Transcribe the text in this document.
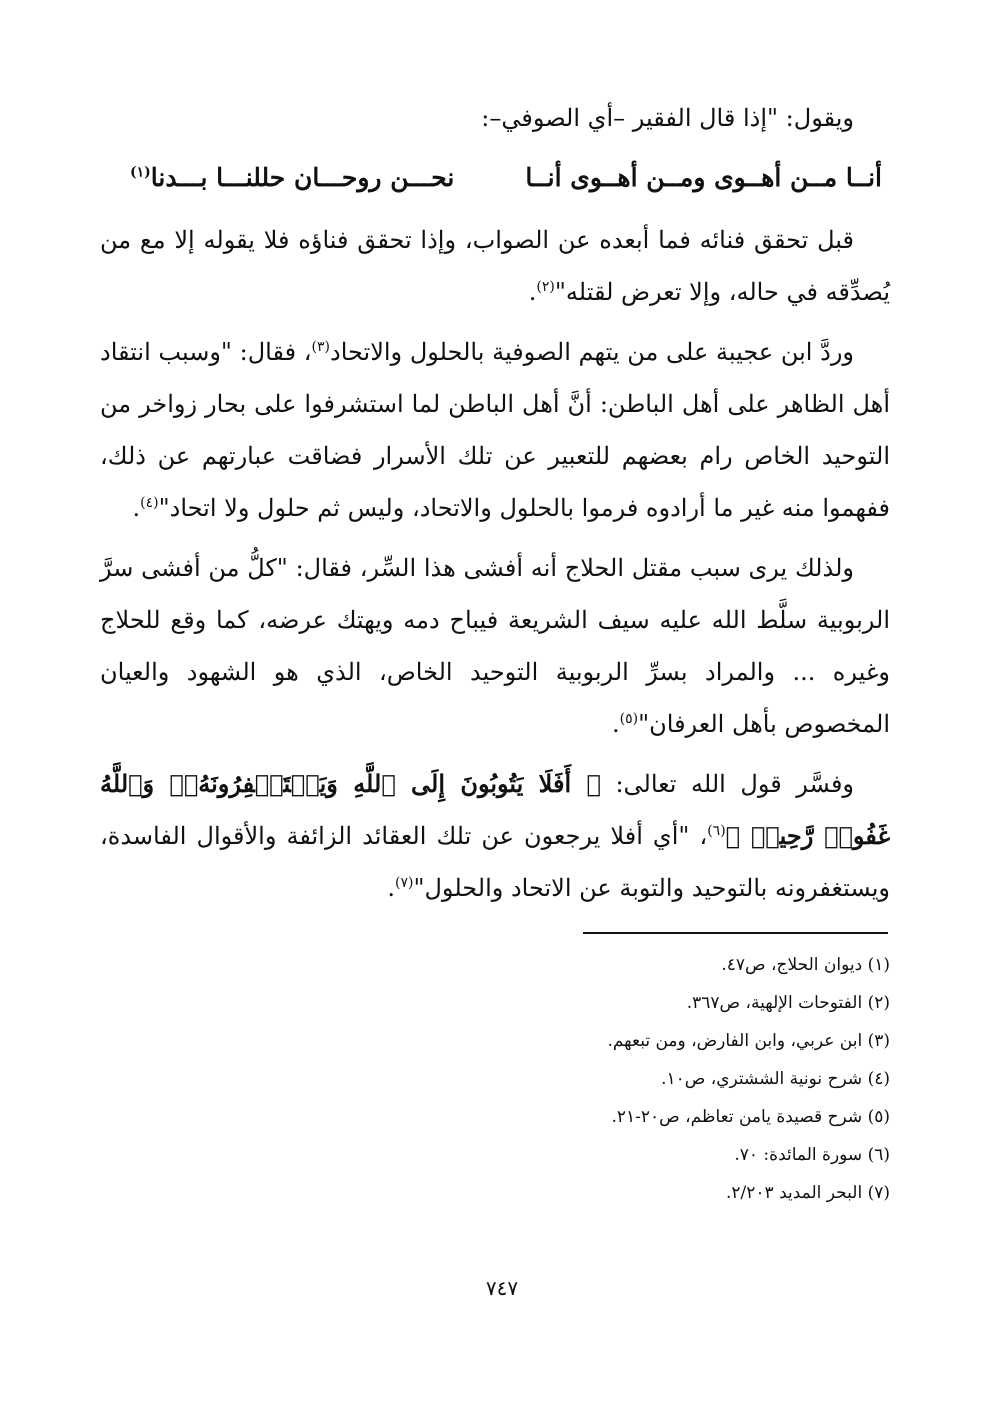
ويقول: "إذا قال الفقير –أي الصوفي–:

أنــا مــن أهــوى ومــن أهــوى أنــا
نحـــن روحـــان حللنـــا بـــدنا$^{(١)}$

قبل تحقق فنائه فما أبعده عن الصواب، وإذا تحقق فناؤه فلا يقوله إلا مع من يُصدِّقه في حاله، وإلا تعرض لقتله"$^{(٢)}$.

وردَّ ابن عجيبة على من يتهم الصوفية بالحلول والاتحاد$^{(٣)}$، فقال: "وسبب انتقاد أهل الظاهر على أهل الباطن: أنَّ أهل الباطن لما استشرفوا على بحار زواخر من التوحيد الخاص رام بعضهم للتعبير عن تلك الأسرار فضاقت عبارتهم عن ذلك، ففهموا منه غير ما أرادوه فرموا بالحلول والاتحاد، وليس ثم حلول ولا اتحاد"$^{(٤)}$.

ولذلك يرى سبب مقتل الحلاج أنه أفشى هذا السِّر، فقال: "كلُّ من أفشى سرَّ الربوبية سلَّط الله عليه سيف الشريعة فيباح دمه ويهتك عرضه، كما وقع للحلاج وغيره ... والمراد بسرِّ الربوبية التوحيد الخاص، الذي هو الشهود والعيان المخصوص بأهل العرفان"$^{(٥)}$.

وفسَّر قول الله تعالى: ﴿ أَفَلَا يَتُوبُونَ إِلَى ٱللَّهِ وَيَسۡتَغۡفِرُونَهُۥۚ وَٱللَّهُ غَفُورٞ رَّحِيمٞ ﴾$^{(٦)}$، "أي أفلا يرجعون عن تلك العقائد الزائفة والأقوال الفاسدة، ويستغفرونه بالتوحيد والتوبة عن الاتحاد والحلول"$^{(٧)}$.

(١) ديوان الحلاج، ص٤٧.

(٢) الفتوحات الإلهية، ص٣٦٧.

(٣) ابن عربي، وابن الفارض، ومن تبعهم.

(٤) شرح نونية الششتري، ص١٠.

(٥) شرح قصيدة يامن تعاظم، ص٢٠-٢١.

(٦) سورة المائدة: ٧٠.

(٧) البحر المديد ٢/٢٠٣.

٧٤٧
